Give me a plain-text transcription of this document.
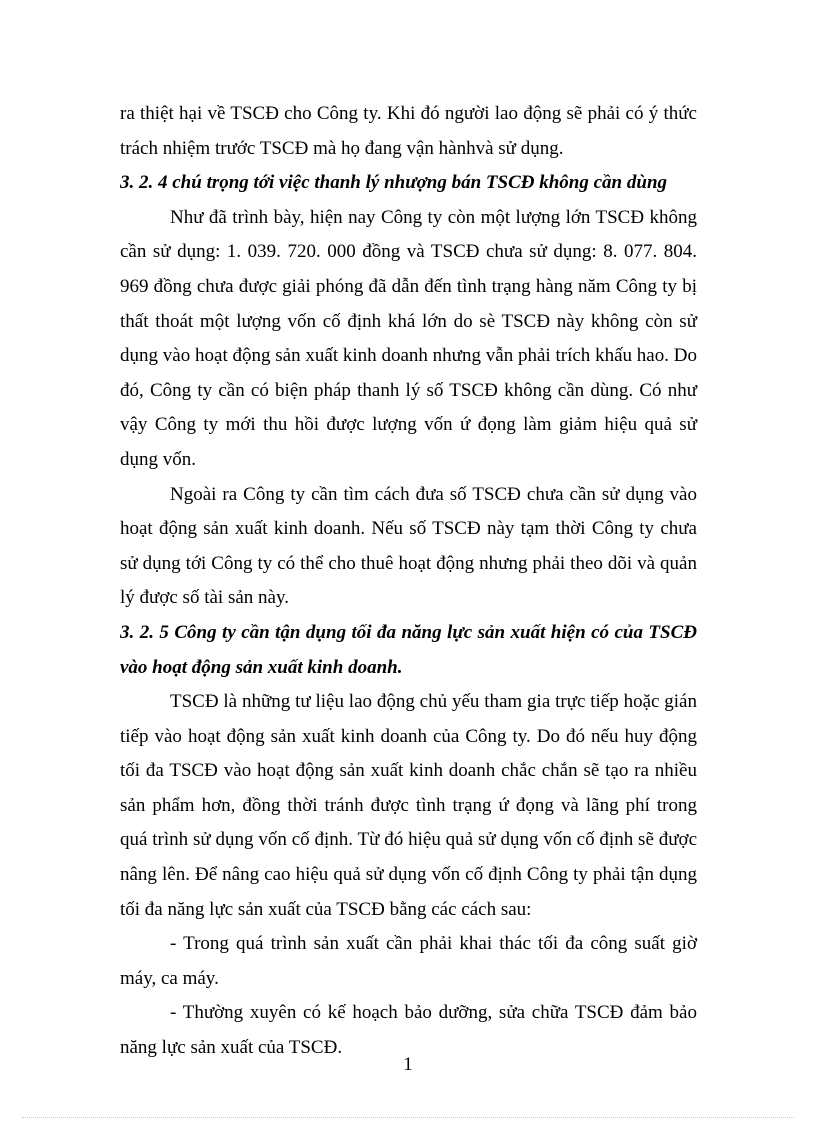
ra thiệt hại về TSCĐ cho Công ty. Khi đó người lao động sẽ phải có ý thức trách nhiệm trước TSCĐ mà họ đang vận hànhvà sử dụng.

3. 2. 4 chú trọng tới việc thanh lý nhượng bán TSCĐ không cần dùng

Như đã trình bày, hiện nay Công ty còn một lượng lớn TSCĐ không cần sử dụng: 1. 039. 720. 000 đồng và TSCĐ chưa sử dụng: 8. 077. 804. 969 đồng chưa được giải phóng đã dẫn đến tình trạng hàng năm Công ty bị thất thoát một lượng vốn cố định khá lớn do sè TSCĐ này không còn sử dụng vào hoạt động sản xuất kinh doanh nhưng vẫn phải trích khấu hao. Do đó, Công ty cần có biện pháp thanh lý số TSCĐ không cần dùng. Có như vậy Công ty mới thu hồi được lượng vốn ứ đọng làm giảm hiệu quả sử dụng vốn.

Ngoài ra Công ty cần tìm cách đưa số TSCĐ chưa cần sử dụng vào hoạt động sản xuất kinh doanh. Nếu số TSCĐ này tạm thời Công ty chưa sử dụng tới Công ty có thể cho thuê hoạt động nhưng phải theo dõi và quản lý được số tài sản này.

3. 2. 5 Công ty cần tận dụng tối đa năng lực sản xuất hiện có của TSCĐ vào hoạt động sản xuất kinh doanh.

TSCĐ là những tư liệu lao động chủ yếu tham gia trực tiếp hoặc gián tiếp vào hoạt động sản xuất kinh doanh của Công ty. Do đó nếu huy động tối đa TSCĐ vào hoạt động sản xuất kinh doanh chắc chắn sẽ tạo ra nhiều sản phẩm hơn, đồng thời tránh được tình trạng ứ đọng và lãng phí trong quá trình sử dụng vốn cố định. Từ đó hiệu quả sử dụng vốn cố định sẽ được nâng lên. Để nâng cao hiệu quả sử dụng vốn cố định Công ty phải tận dụng tối đa năng lực sản xuất của TSCĐ bằng các cách sau:

- Trong quá trình sản xuất cần phải khai thác tối đa công suất giờ máy, ca máy.

- Thường xuyên có kế hoạch bảo dưỡng, sửa chữa TSCĐ đảm bảo năng lực sản xuất của TSCĐ.

1
